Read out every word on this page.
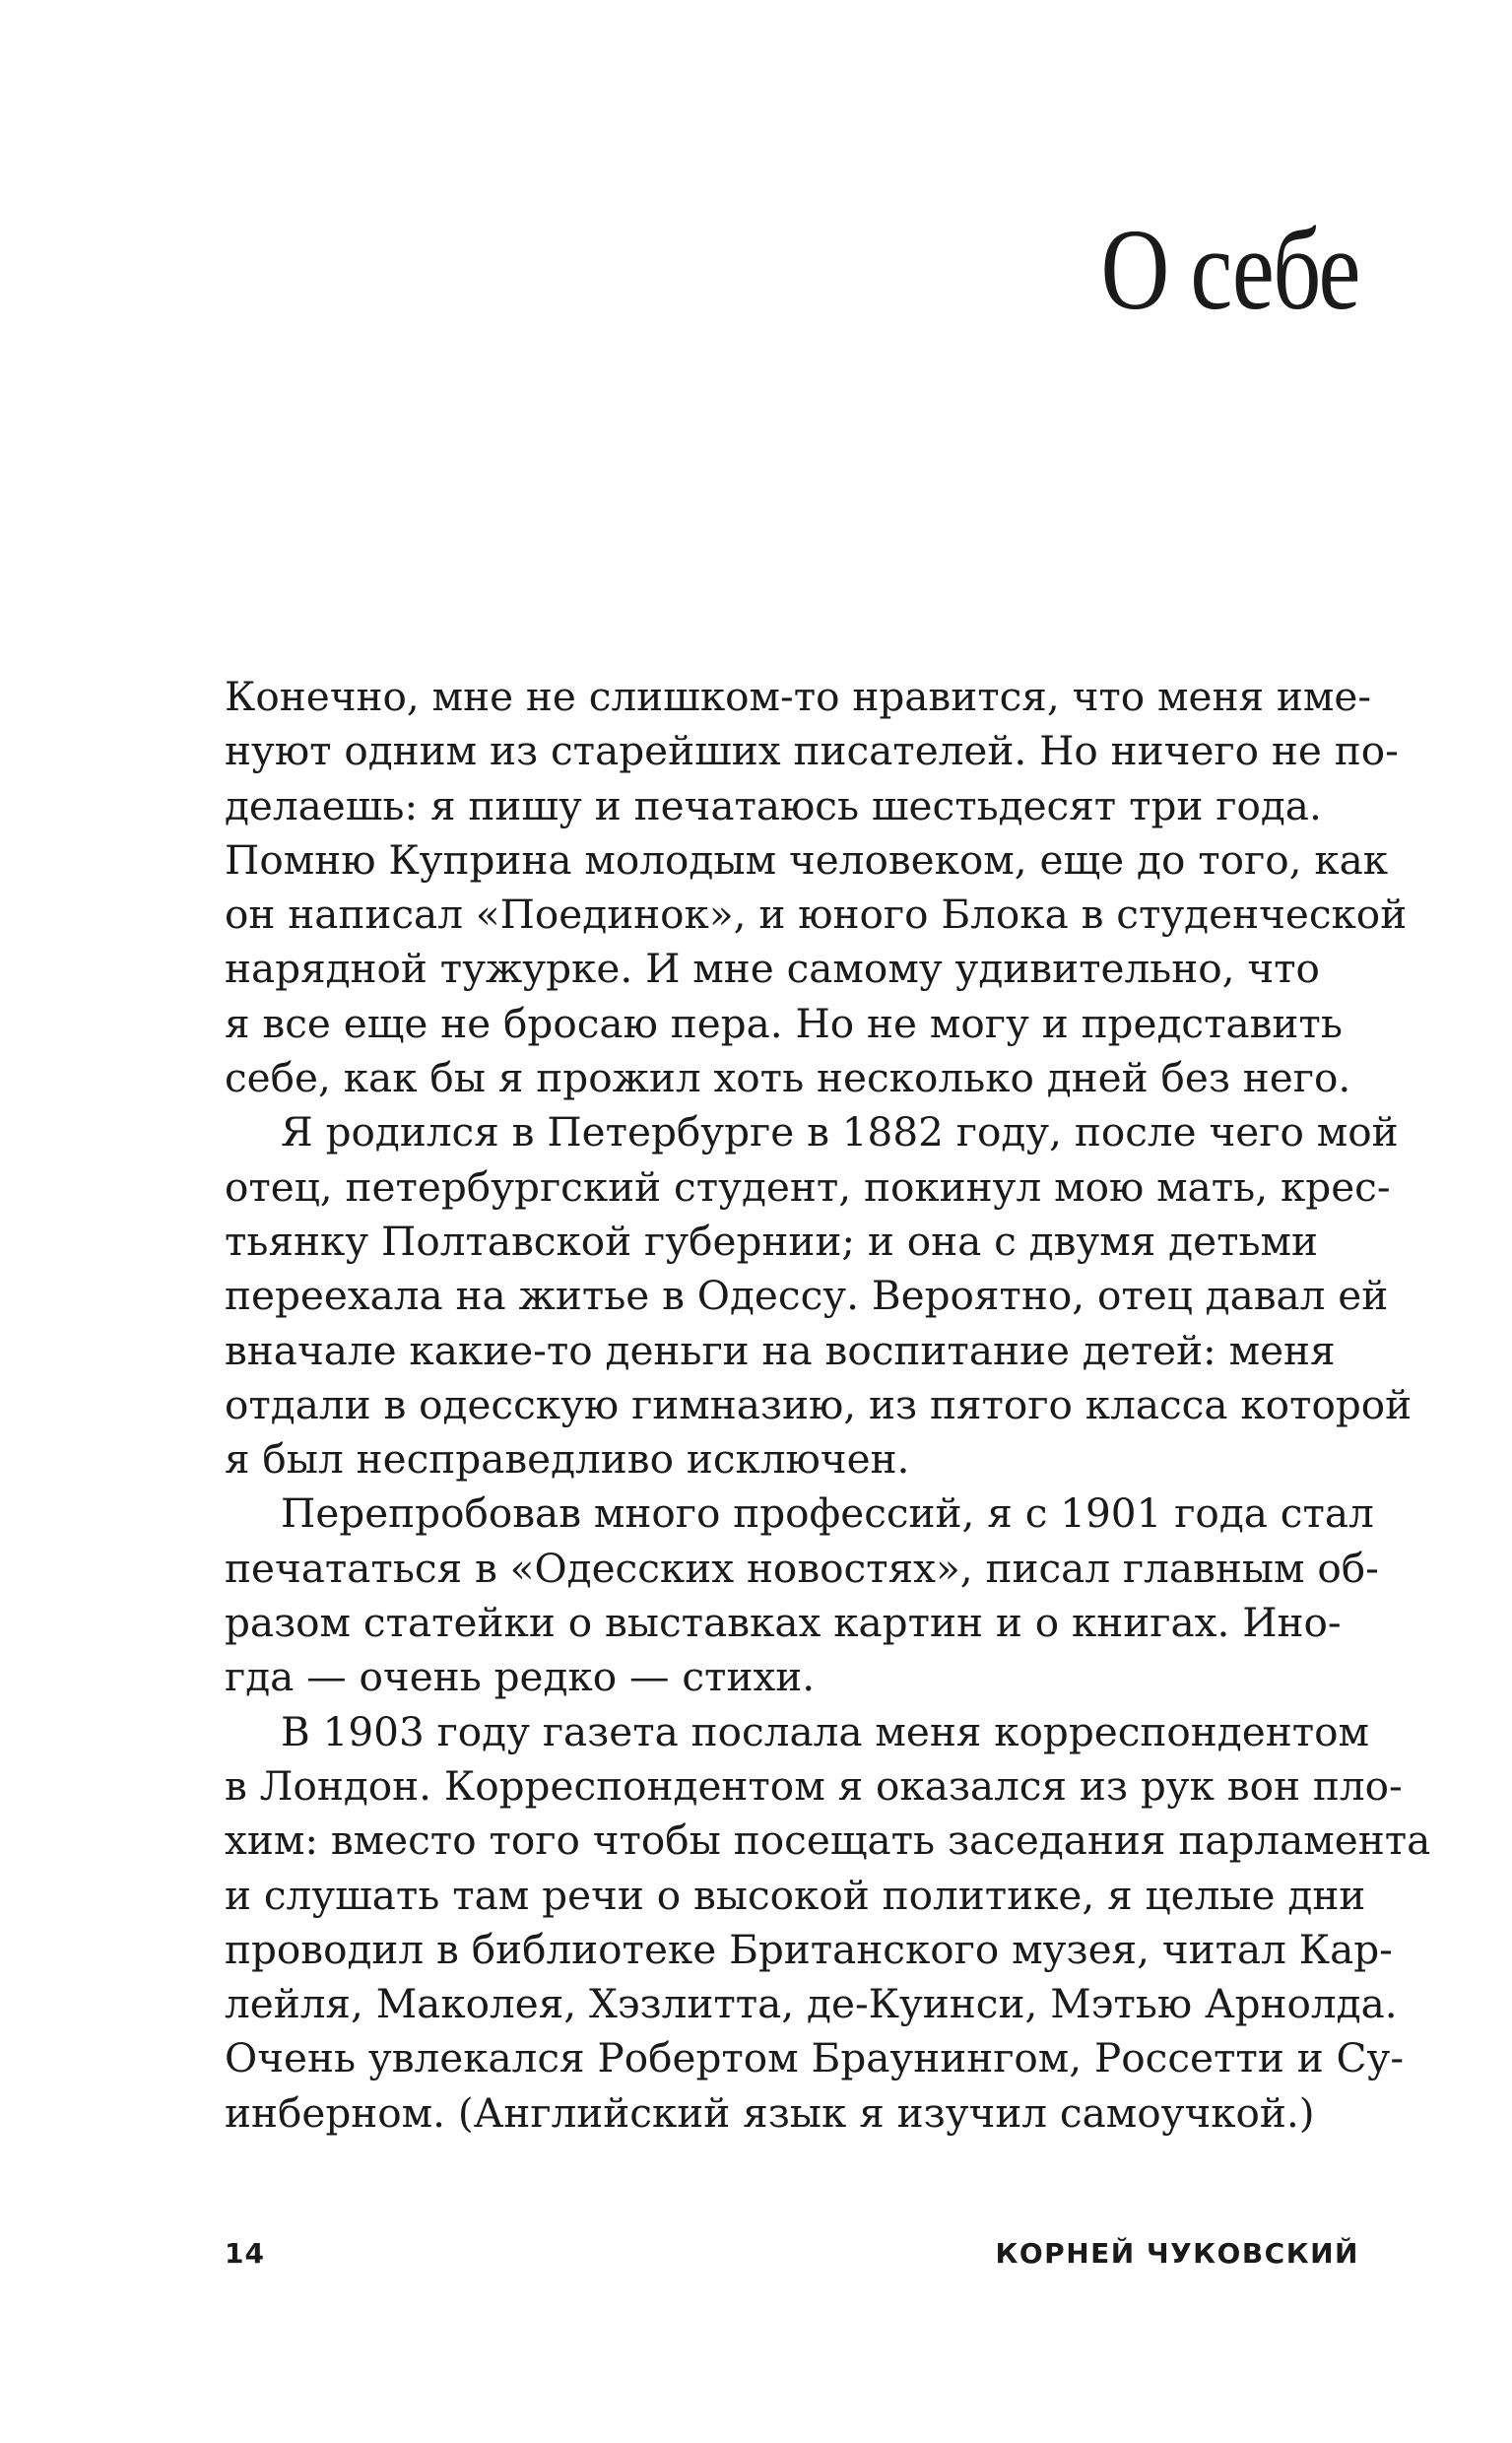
О себе
Конечно, мне не слишком-то нравится, что меня име-
нуют одним из старейших писателей. Но ничего не по-
делаешь: я пишу и печатаюсь шестьдесят три года.
Помню Куприна молодым человеком, еще до того, как
он написал «Поединок», и юного Блока в студенческой
нарядной тужурке. И мне самому удивительно, что
я все еще не бросаю пера. Но не могу и представить
себе, как бы я прожил хоть несколько дней без него.
Я родился в Петербурге в 1882 году, после чего мой
отец, петербургский студент, покинул мою мать, крес-
тьянку Полтавской губернии; и она с двумя детьми
переехала на житье в Одессу. Вероятно, отец давал ей
вначале какие-то деньги на воспитание детей: меня
отдали в одесскую гимназию, из пятого класса которой
я был несправедливо исключен.
Перепробовав много профессий, я с 1901 года стал
печататься в «Одесских новостях», писал главным об-
разом статейки о выставках картин и о книгах. Ино-
гда — очень редко — стихи.
В 1903 году газета послала меня корреспондентом
в Лондон. Корреспондентом я оказался из рук вон пло-
хим: вместо того чтобы посещать заседания парламента
и слушать там речи о высокой политике, я целые дни
проводил в библиотеке Британского музея, читал Кар-
лейля, Маколея, Хэзлитта, де-Куинси, Мэтью Арнолда.
Очень увлекался Робертом Браунингом, Россетти и Су-
инберном. (Английский язык я изучил самоучкой.)
14	КОРНЕЙ ЧУКОВСКИЙ
